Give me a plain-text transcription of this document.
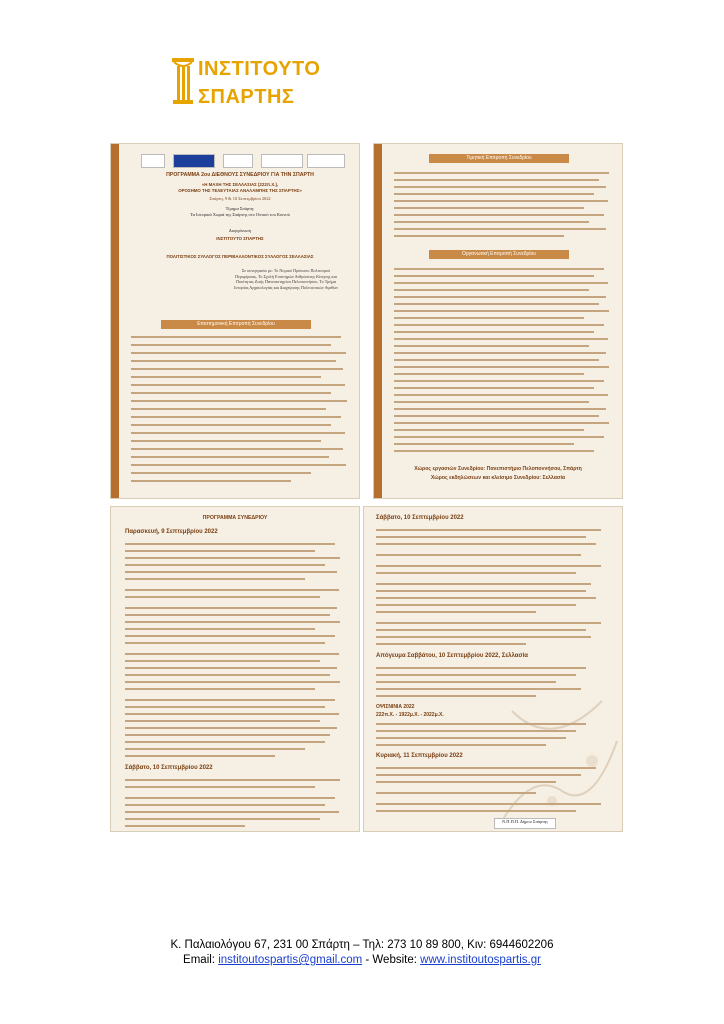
ΙΝΣΤΙΤΟΥΤΟ
ΣΠΑΡΤΗΣ
ΠΡΟΓΡΑΜΜΑ 2ου ΔΙΕΘΝΟΥΣ ΣΥΝΕΔΡΙΟΥ ΓΙΑ ΤΗΝ ΣΠΑΡΤΗ
«Η ΜΑΧΗ ΤΗΣ ΣΕΛΛΑΣΙΑΣ (222π.Χ.),
ΟΡΟΣΗΜΟ ΤΗΣ ΤΕΛΕΥΤΑΙΑΣ ΑΝΑΛΑΜΠΗΣ ΤΗΣ ΣΠΑΡΤΗΣ»
Σπάρτη, 9 & 10 Σεπτεμβρίου 2022
Τίμημα Σπάρτη:
Τα Ιστορικά Χωριά της Σπάρτης στο Οπτικό του Κοινού
Διοργάνωση
ΙΝΣΤΙΤΟΥΤΟ ΣΠΑΡΤΗΣ
ΠΟΛΙΤΙΣΤΙΚΟΣ ΣΥΛΛΟΓΟΣ ΠΕΡΙΒΑΛΛΟΝΤΙΚΟΣ ΣΥΛΛΟΓΟΣ ΣΕΛΛΑΣΙΑΣ
Σε συνεργασία με: Το Νομικό Πρόσωπο Πολιτισμού Περιφέρειας, Το Σχολή Επιστημών Ανθρώπινης Κίνησης και Ποιότητας Ζωής Πανεπιστημίου Πελοποννήσου, Το Τμήμα Ιστορίας Αρχαιολογίας και Διαχείρισης Πολιτιστικών Αγαθών
Επιστημονική Επιτροπή Συνεδρίου
Τιμητική Επιτροπή Συνεδρίου
Οργανωτική Επιτροπή Συνεδρίου
Χώρος εργασιών Συνεδρίου: Πανεπιστήμιο Πελοποννήσου, Σπάρτη
Χώρος εκδηλώσεων και κλείσιμο Συνεδρίου: Σελλασία
ΠΡΟΓΡΑΜΜΑ ΣΥΝΕΔΡΙΟΥ
Παρασκευή, 9 Σεπτεμβρίου 2022
Σάββατο, 10 Σεπτεμβρίου 2022
Σάββατο, 10 Σεπτεμβρίου 2022
Απόγευμα Σαββάτου, 10 Σεπτεμβρίου 2022, Σελλασία
ΟΨΙΣΝΙΝΙΑ 2022
222π.Χ. - 1922μ.Χ. - 2022μ.Χ.
Κυριακή, 11 Σεπτεμβρίου 2022
Ν.Π.Π.Π. Δήμου Σπάρτης
Κ. Παλαιολόγου 67, 231 00 Σπάρτη – Τηλ: 273 10 89 800, Κιν: 6944602206
Email: institoutospartis@gmail.com - Website: www.institoutospartis.gr
